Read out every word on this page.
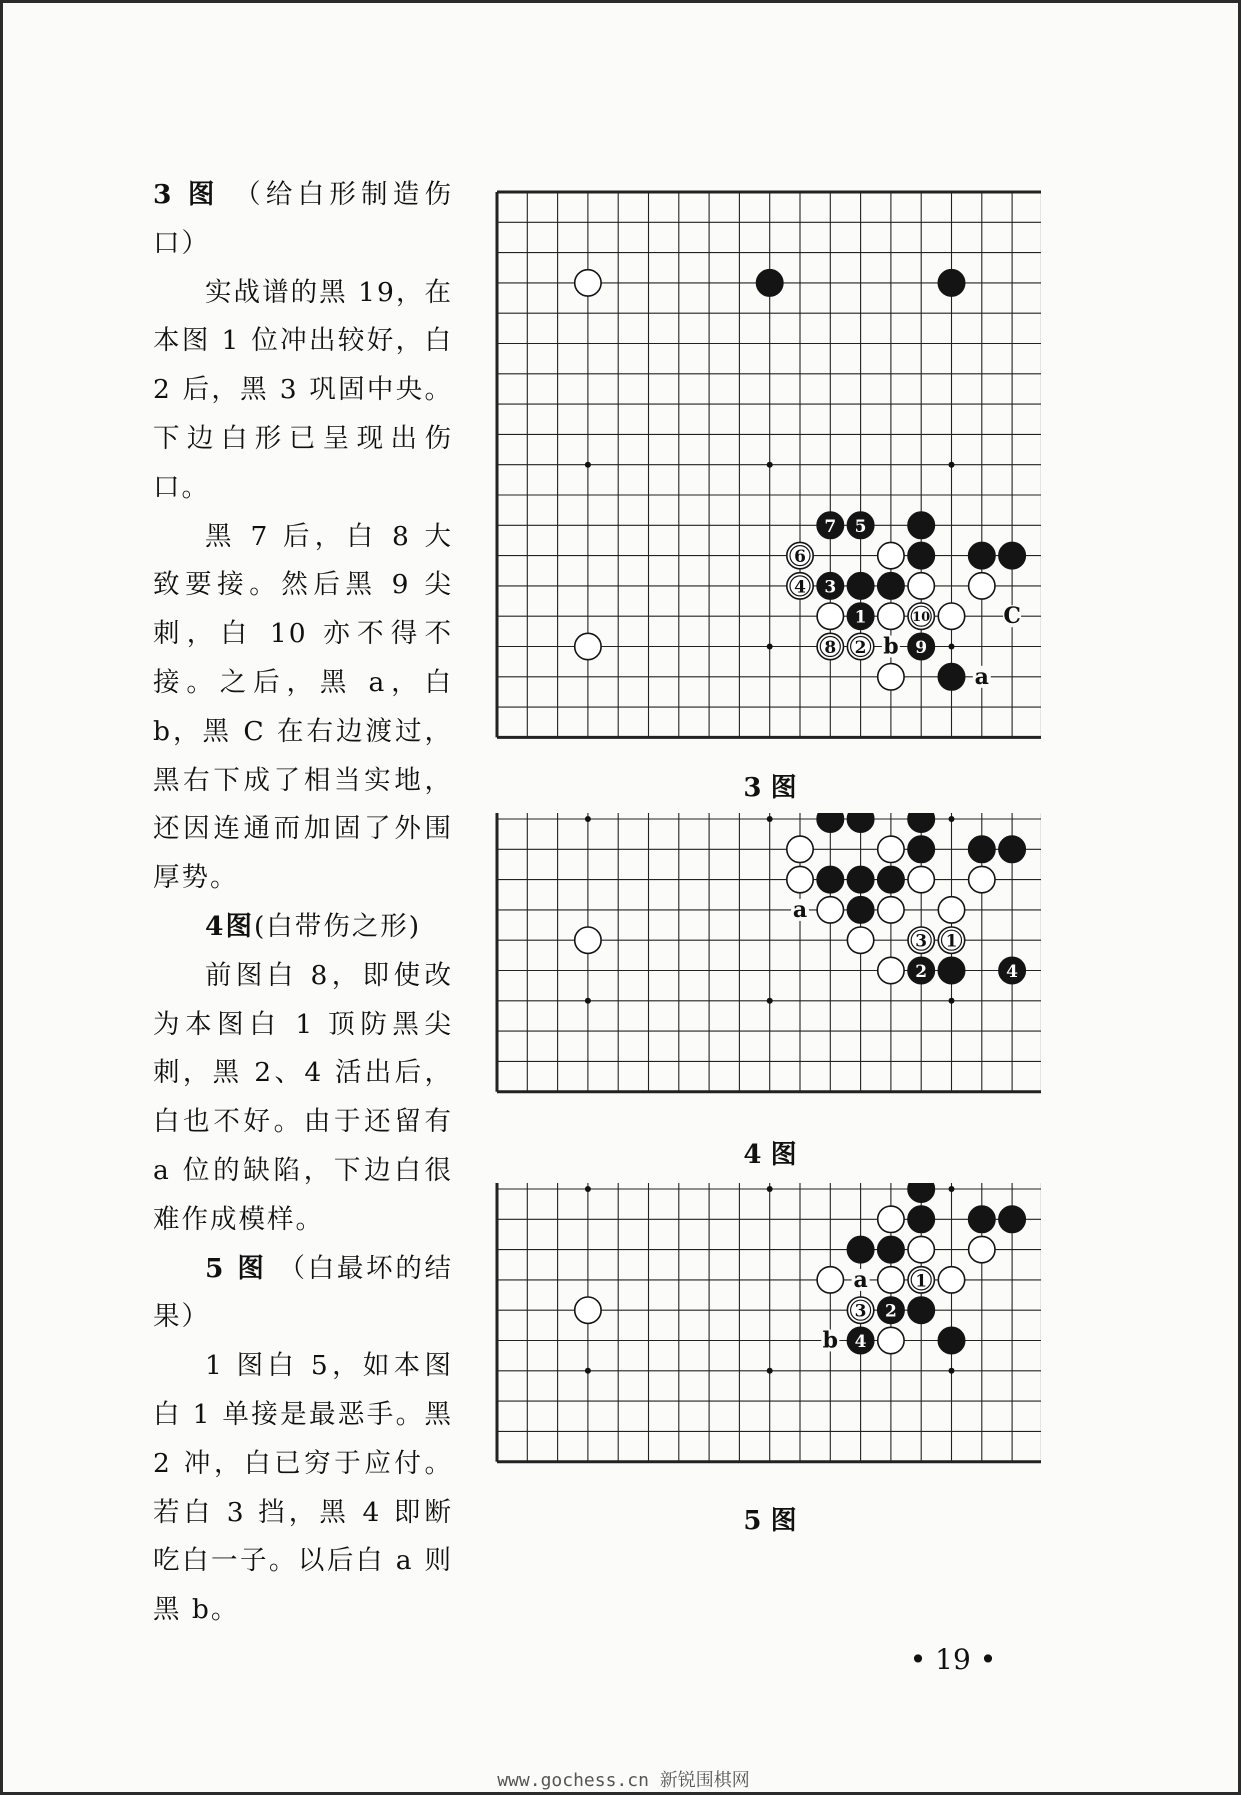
3 图 （给白形制造伤口）

实战谱的黑 19，在本图 1 位冲出较好，白 2 后，黑 3 巩固中央。下边白形已呈现出伤口。

黑 7 后，白 8 大致要接。然后黑 9 尖刺，白 10 亦不得不接。之后，黑 a，白 b，黑 C 在右边渡过，黑右下成了相当实地，还因连通而加固了外围厚势。

4图(白带伤之形)

前图白 8，即使改为本图白 1 顶防黑尖刺，黑 2、4 活出后，白也不好。由于还留有 a 位的缺陷，下边白很难作成模样。

5 图 （白最坏的结果）

1 图白 5，如本图白 1 单接是最恶手。黑 2 冲，白已穷于应付。若白 3 挡，黑 4 即断吃白一子。以后白 a 则黑 b。

7 5
6
4 3
1	10
8 2	9
C
b
a
3 图
3 1
2	4
a
4 图
1
3 2
4
a
b
5 图
• 19 •
www.gochess.cn 新锐围棋网
